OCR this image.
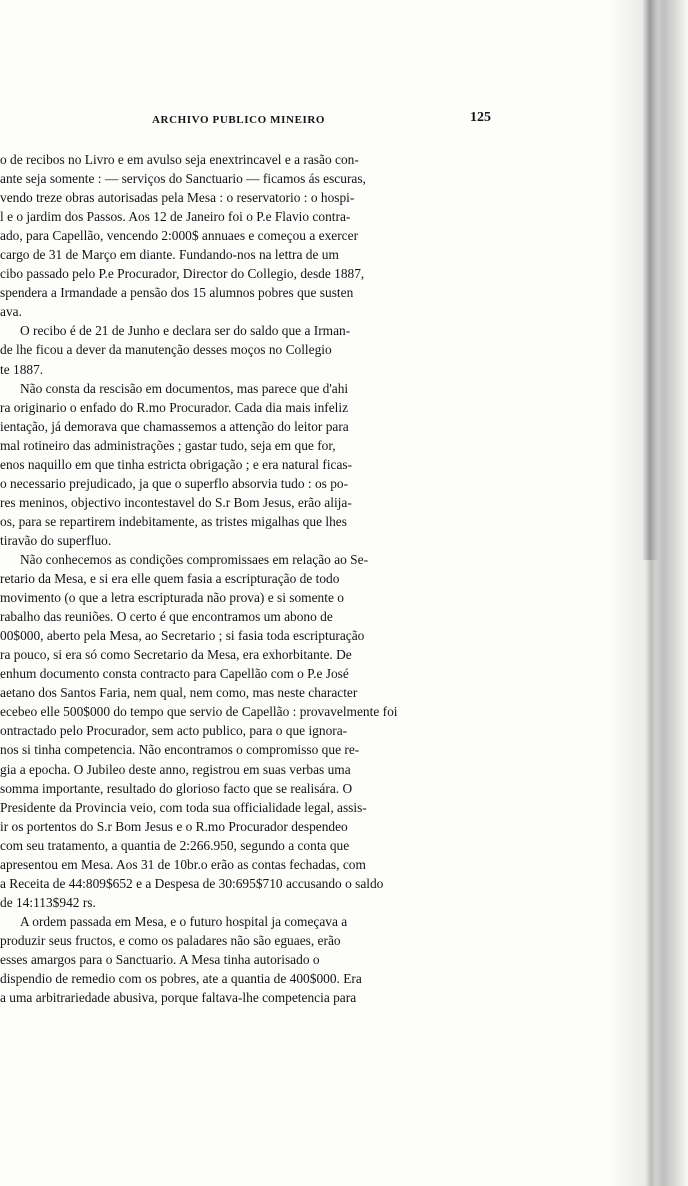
ARCHIVO PUBLICO MINEIRO	125
o de recibos no Livro e em avulso seja enextrincavel e a rasão con-
ante seja somente : — serviços do Sanctuario — ficamos ás escuras,
vendo treze obras autorisadas pela Mesa : o reservatorio : o hospi-
l e o jardim dos Passos. Aos 12 de Janeiro foi o P.e Flavio contra-
ado, para Capellão, vencendo 2:000$ annuaes e começou a exercer
cargo de 31 de Março em diante. Fundando-nos na lettra de um
cibo passado pelo P.e Procurador, Director do Collegio, desde 1887,
spendera a Irmandade a pensão dos 15 alumnos pobres que susten
ava.
O recibo é de 21 de Junho e declara ser do saldo que a Irman-
de lhe ficou a dever da manutenção desses moços no Collegio
te 1887.
Não consta da rescisão em documentos, mas parece que d'ahi
ra originario o enfado do R.mo Procurador. Cada dia mais infeliz
ientação, já demorava que chamassemos a attenção do leitor para
mal rotineiro das administrações ; gastar tudo, seja em que for,
enos naquillo em que tinha estricta obrigação ; e era natural ficas-
o necessario prejudicado, ja que o superflo absorvia tudo : os po-
res meninos, objectivo incontestavel do S.r Bom Jesus, erão alija-
os, para se repartirem indebitamente, as tristes migalhas que lhes
tiravão do superfluo.
Não conhecemos as condições compromissaes em relação ao Se-
retario da Mesa, e si era elle quem fasia a escripturação de todo
movimento (o que a letra escripturada não prova) e si somente o
rabalho das reuniões. O certo é que encontramos um abono de
00$000, aberto pela Mesa, ao Secretario ; si fasia toda escripturação
ra pouco, si era só como Secretario da Mesa, era exhorbitante. De
enhum documento consta contracto para Capellão com o P.e José
aetano dos Santos Faria, nem qual, nem como, mas neste character
ecebeo elle 500$000 do tempo que servio de Capellão : provavelmente foi
ontractado pelo Procurador, sem acto publico, para o que ignora-
nos si tinha competencia. Não encontramos o compromisso que re-
gia a epocha. O Jubileo deste anno, registrou em suas verbas uma
somma importante, resultado do glorioso facto que se realisára. O
Presidente da Provincia veio, com toda sua officialidade legal, assis-
ir os portentos do S.r Bom Jesus e o R.mo Procurador despendeo
com seu tratamento, a quantia de 2:266.950, segundo a conta que
apresentou em Mesa. Aos 31 de 10br.o erão as contas fechadas, com
a Receita de 44:809$652 e a Despesa de 30:695$710 accusando o saldo
de 14:113$942 rs.
A ordem passada em Mesa, e o futuro hospital ja começava a
produzir seus fructos, e como os paladares não são eguaes, erão
esses amargos para o Sanctuario. A Mesa tinha autorisado o
dispendio de remedio com os pobres, ate a quantia de 400$000. Era
a uma arbitrariedade abusiva, porque faltava-lhe competencia para
